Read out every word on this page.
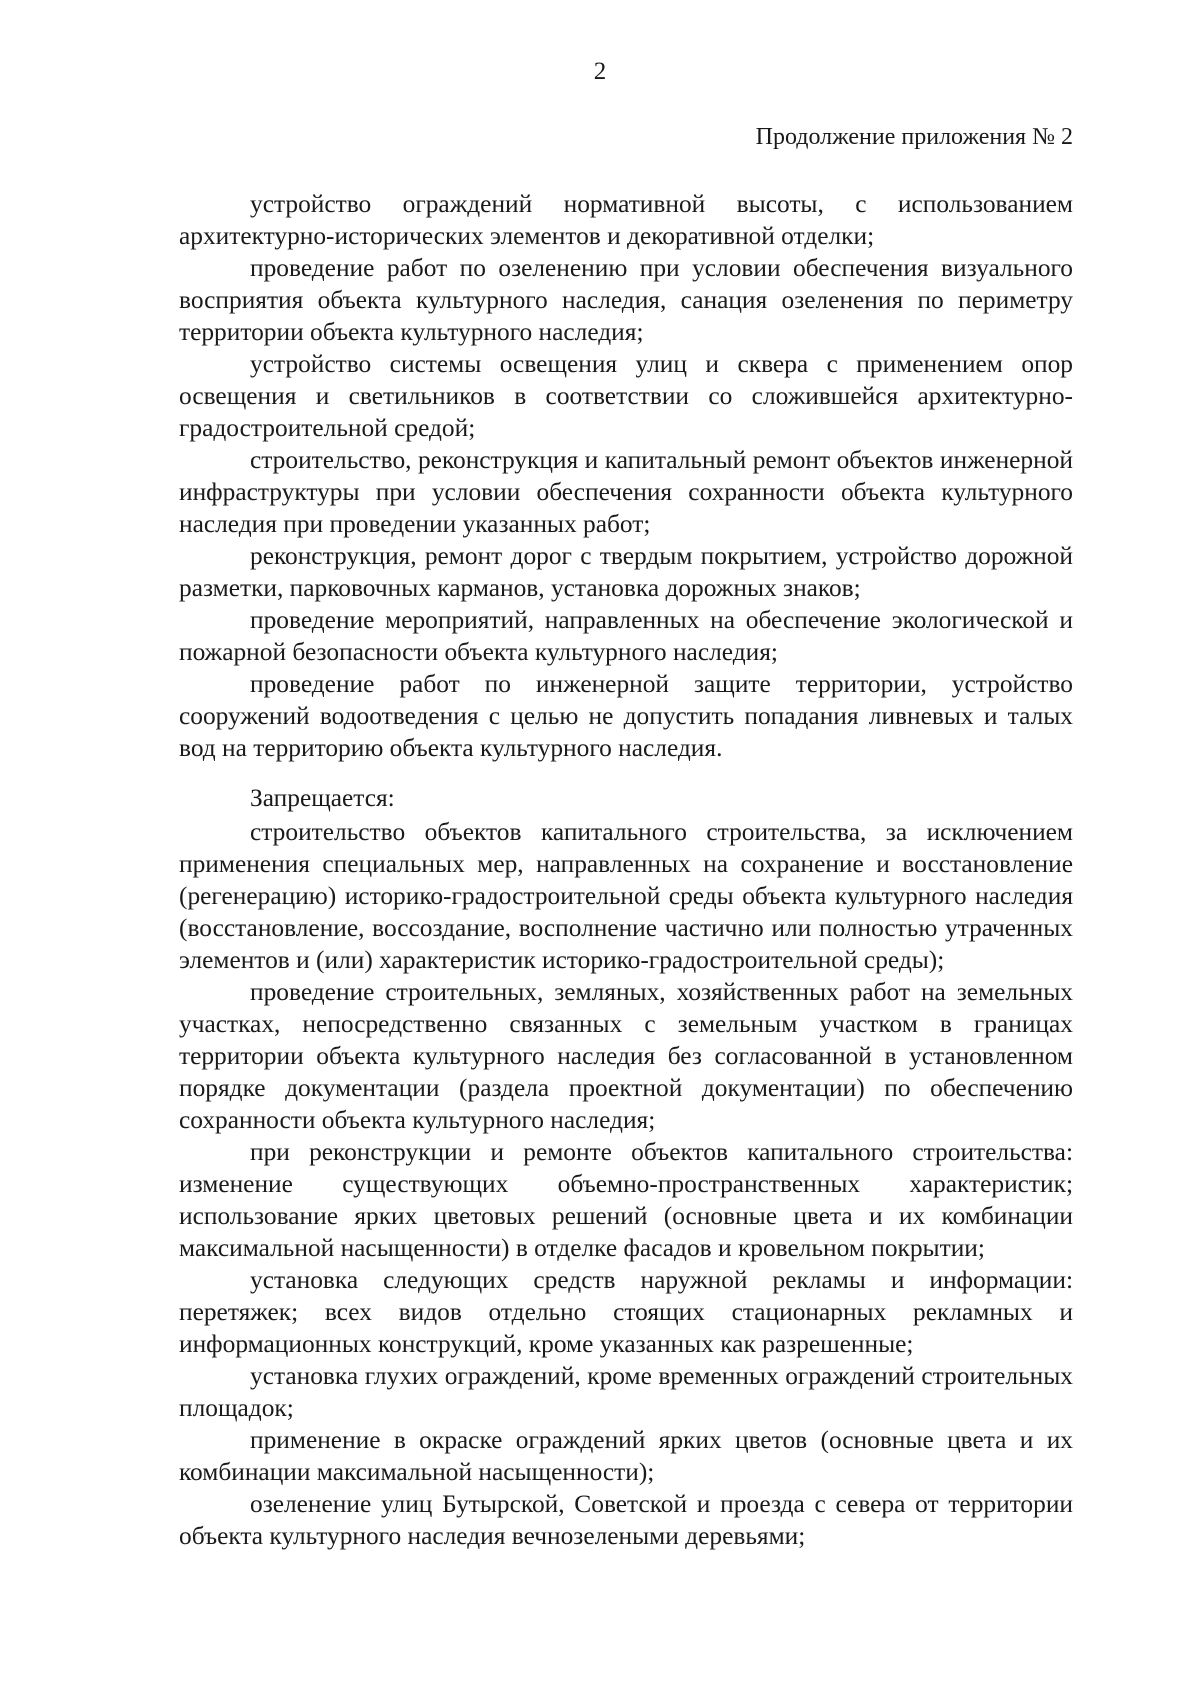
2

Продолжение приложения № 2

устройство ограждений нормативной высоты, с использованием архитектурно-исторических элементов и декоративной отделки;

проведение работ по озеленению при условии обеспечения визуального восприятия объекта культурного наследия, санация озеленения по периметру территории объекта культурного наследия;

устройство системы освещения улиц и сквера с применением опор освещения и светильников в соответствии со сложившейся архитектурно-градостроительной средой;

строительство, реконструкция и капитальный ремонт объектов инженерной инфраструктуры при условии обеспечения сохранности объекта культурного наследия при проведении указанных работ;

реконструкция, ремонт дорог с твердым покрытием, устройство дорожной разметки, парковочных карманов, установка дорожных знаков;

проведение мероприятий, направленных на обеспечение экологической и пожарной безопасности объекта культурного наследия;

проведение работ по инженерной защите территории, устройство сооружений водоотведения с целью не допустить попадания ливневых и талых вод на территорию объекта культурного наследия.

Запрещается:

строительство объектов капитального строительства, за исключением применения специальных мер, направленных на сохранение и восстановление (регенерацию) историко-градостроительной среды объекта культурного наследия (восстановление, воссоздание, восполнение частично или полностью утраченных элементов и (или) характеристик историко-градостроительной среды);

проведение строительных, земляных, хозяйственных работ на земельных участках, непосредственно связанных с земельным участком в границах территории объекта культурного наследия без согласованной в установленном порядке документации (раздела проектной документации) по обеспечению сохранности объекта культурного наследия;

при реконструкции и ремонте объектов капитального строительства: изменение существующих объемно-пространственных характеристик; использование ярких цветовых решений (основные цвета и их комбинации максимальной насыщенности) в отделке фасадов и кровельном покрытии;

установка следующих средств наружной рекламы и информации: перетяжек; всех видов отдельно стоящих стационарных рекламных и информационных конструкций, кроме указанных как разрешенные;

установка глухих ограждений, кроме временных ограждений строительных площадок;

применение в окраске ограждений ярких цветов (основные цвета и их комбинации максимальной насыщенности);

озеленение улиц Бутырской, Советской и проезда с севера от территории объекта культурного наследия вечнозелеными деревьями;
